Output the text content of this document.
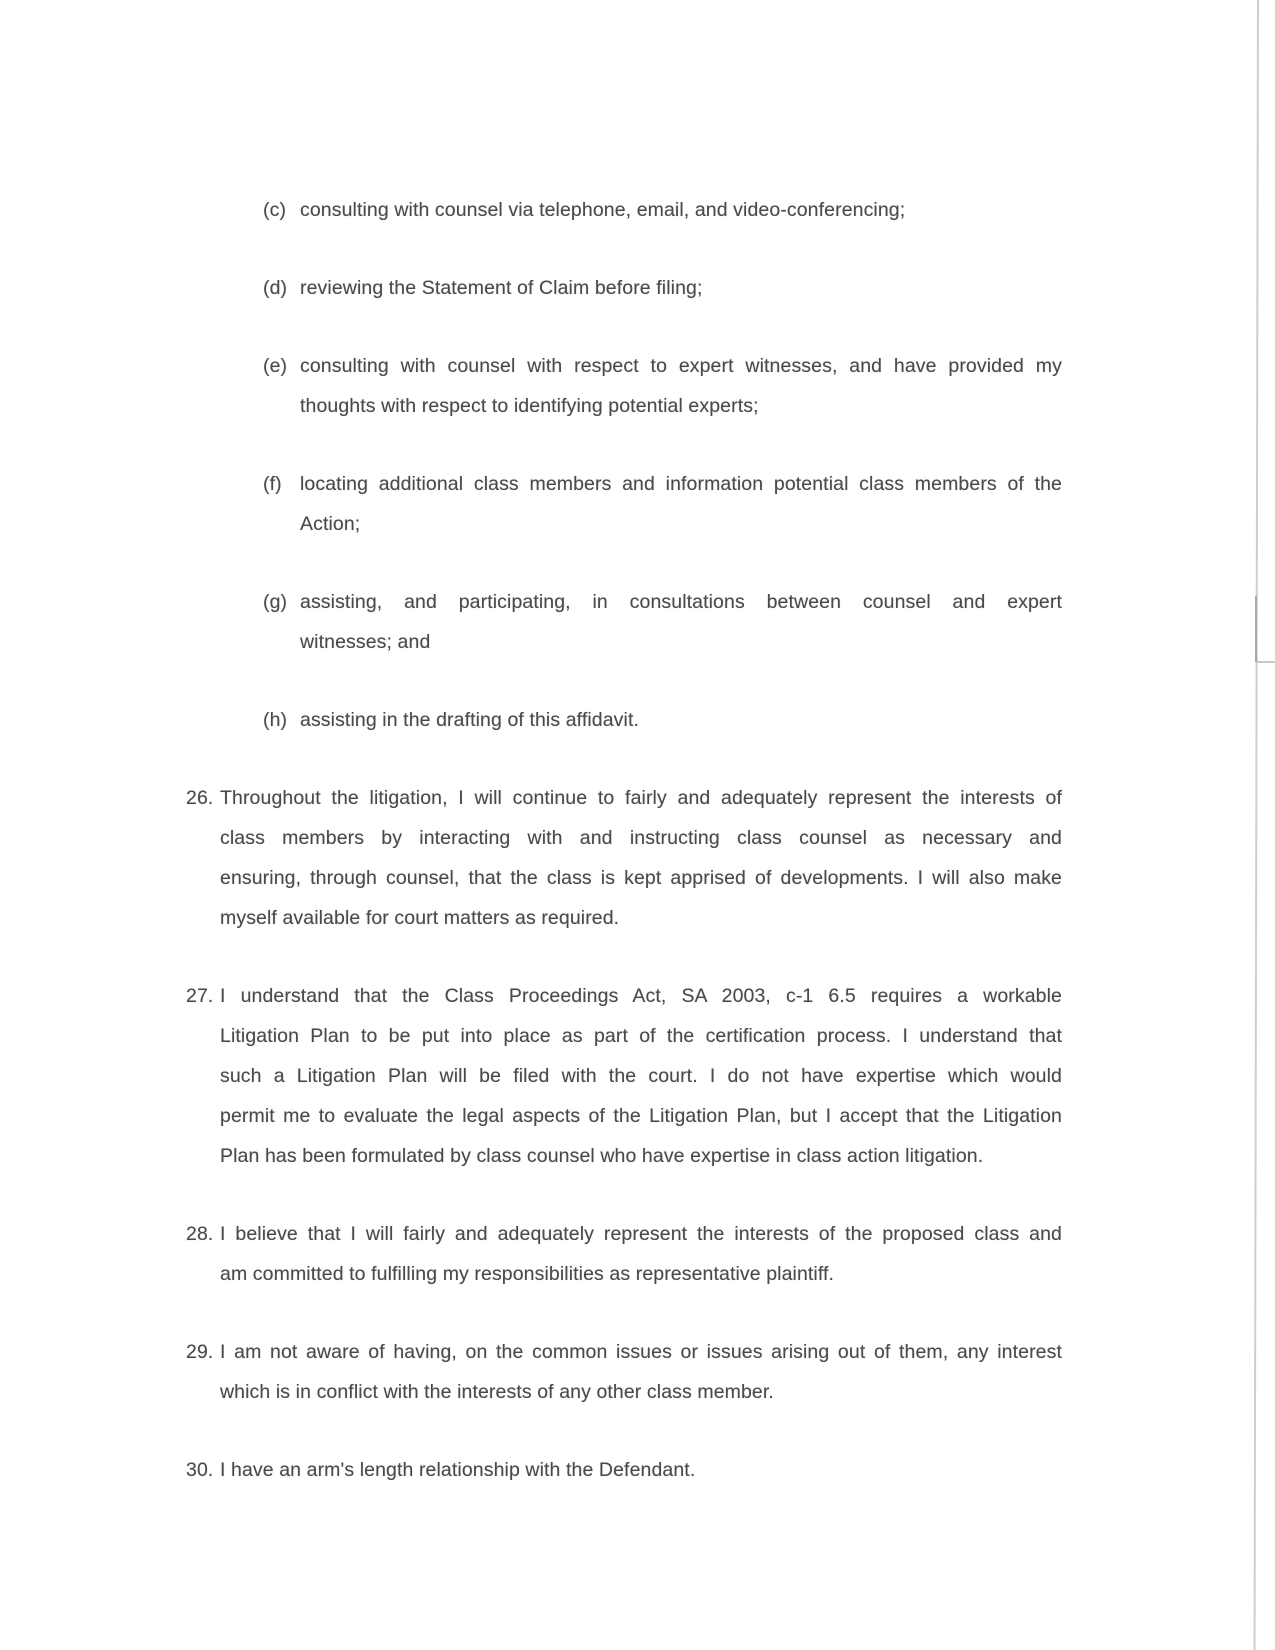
(c) consulting with counsel via telephone, email, and video-conferencing;
(d) reviewing the Statement of Claim before filing;
(e) consulting with counsel with respect to expert witnesses, and have provided my
thoughts with respect to identifying potential experts;
(f) locating additional class members and information potential class members of the
Action;
(g) assisting, and participating, in consultations between counsel and expert
witnesses; and
(h) assisting in the drafting of this affidavit.
26. Throughout the litigation, I will continue to fairly and adequately represent the interests of
class members by interacting with and instructing class counsel as necessary and
ensuring, through counsel, that the class is kept apprised of developments. I will also make
myself available for court matters as required.
27. I understand that the Class Proceedings Act, SA 2003, c-1 6.5 requires a workable
Litigation Plan to be put into place as part of the certification process. I understand that
such a Litigation Plan will be filed with the court. I do not have expertise which would
permit me to evaluate the legal aspects of the Litigation Plan, but I accept that the Litigation
Plan has been formulated by class counsel who have expertise in class action litigation.
28. I believe that I will fairly and adequately represent the interests of the proposed class and
am committed to fulfilling my responsibilities as representative plaintiff.
29. I am not aware of having, on the common issues or issues arising out of them, any interest
which is in conflict with the interests of any other class member.
30. I have an arm's length relationship with the Defendant.
